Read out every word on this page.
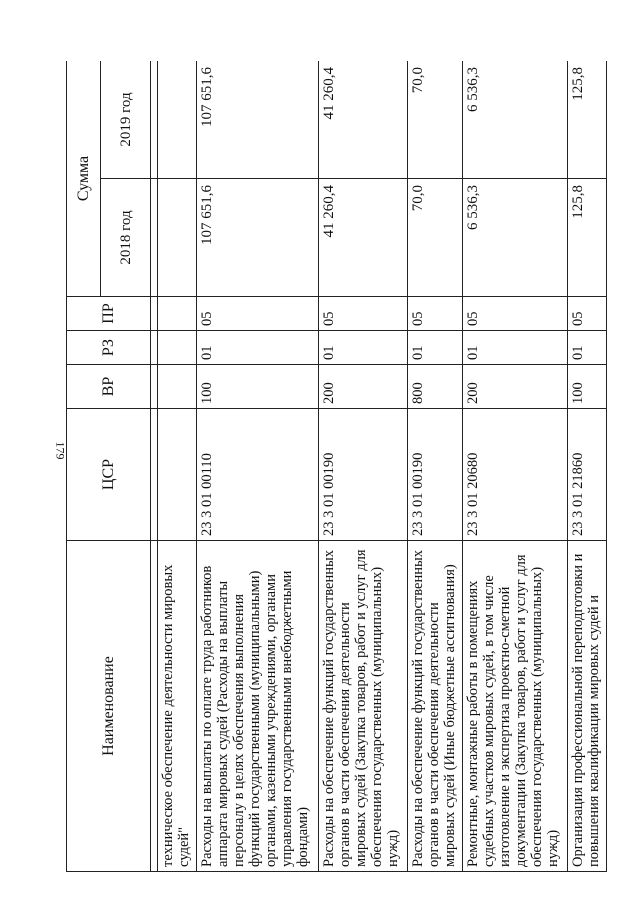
179
Наименование	ЦСР	ВР	РЗ	ПР	Сумма	
					2018 год	2019 год

техническое обеспечение деятельности мировых судей"						
Расходы на выплаты по оплате труда работников аппарата мировых судей (Расходы на выплаты персоналу в целях обеспечения выполнения функций государственными (муниципальными) органами, казенными учреждениями, органами управления государственными внебюджетными фондами)	23 3 01 00110	100	01	05	107 651,6	107 651,6
Расходы на обеспечение функций государственных органов в части обеспечения деятельности мировых судей (Закупка товаров, работ и услуг для обеспечения государственных (муниципальных) нужд)	23 3 01 00190	200	01	05	41 260,4	41 260,4
Расходы на обеспечение функций государственных органов в части обеспечения деятельности мировых судей (Иные бюджетные ассигнования)	23 3 01 00190	800	01	05	70,0	70,0
Ремонтные, монтажные работы в помещениях судебных участков мировых судей, в том числе изготовление и экспертиза проектно-сметной документации (Закупка товаров, работ и услуг для обеспечения государственных (муниципальных) нужд)	23 3 01 20680	200	01	05	6 536,3	6 536,3
Организация профессиональной переподготовки и повышения квалификации мировых судей и	23 3 01 21860	100	01	05	125,8	125,8
